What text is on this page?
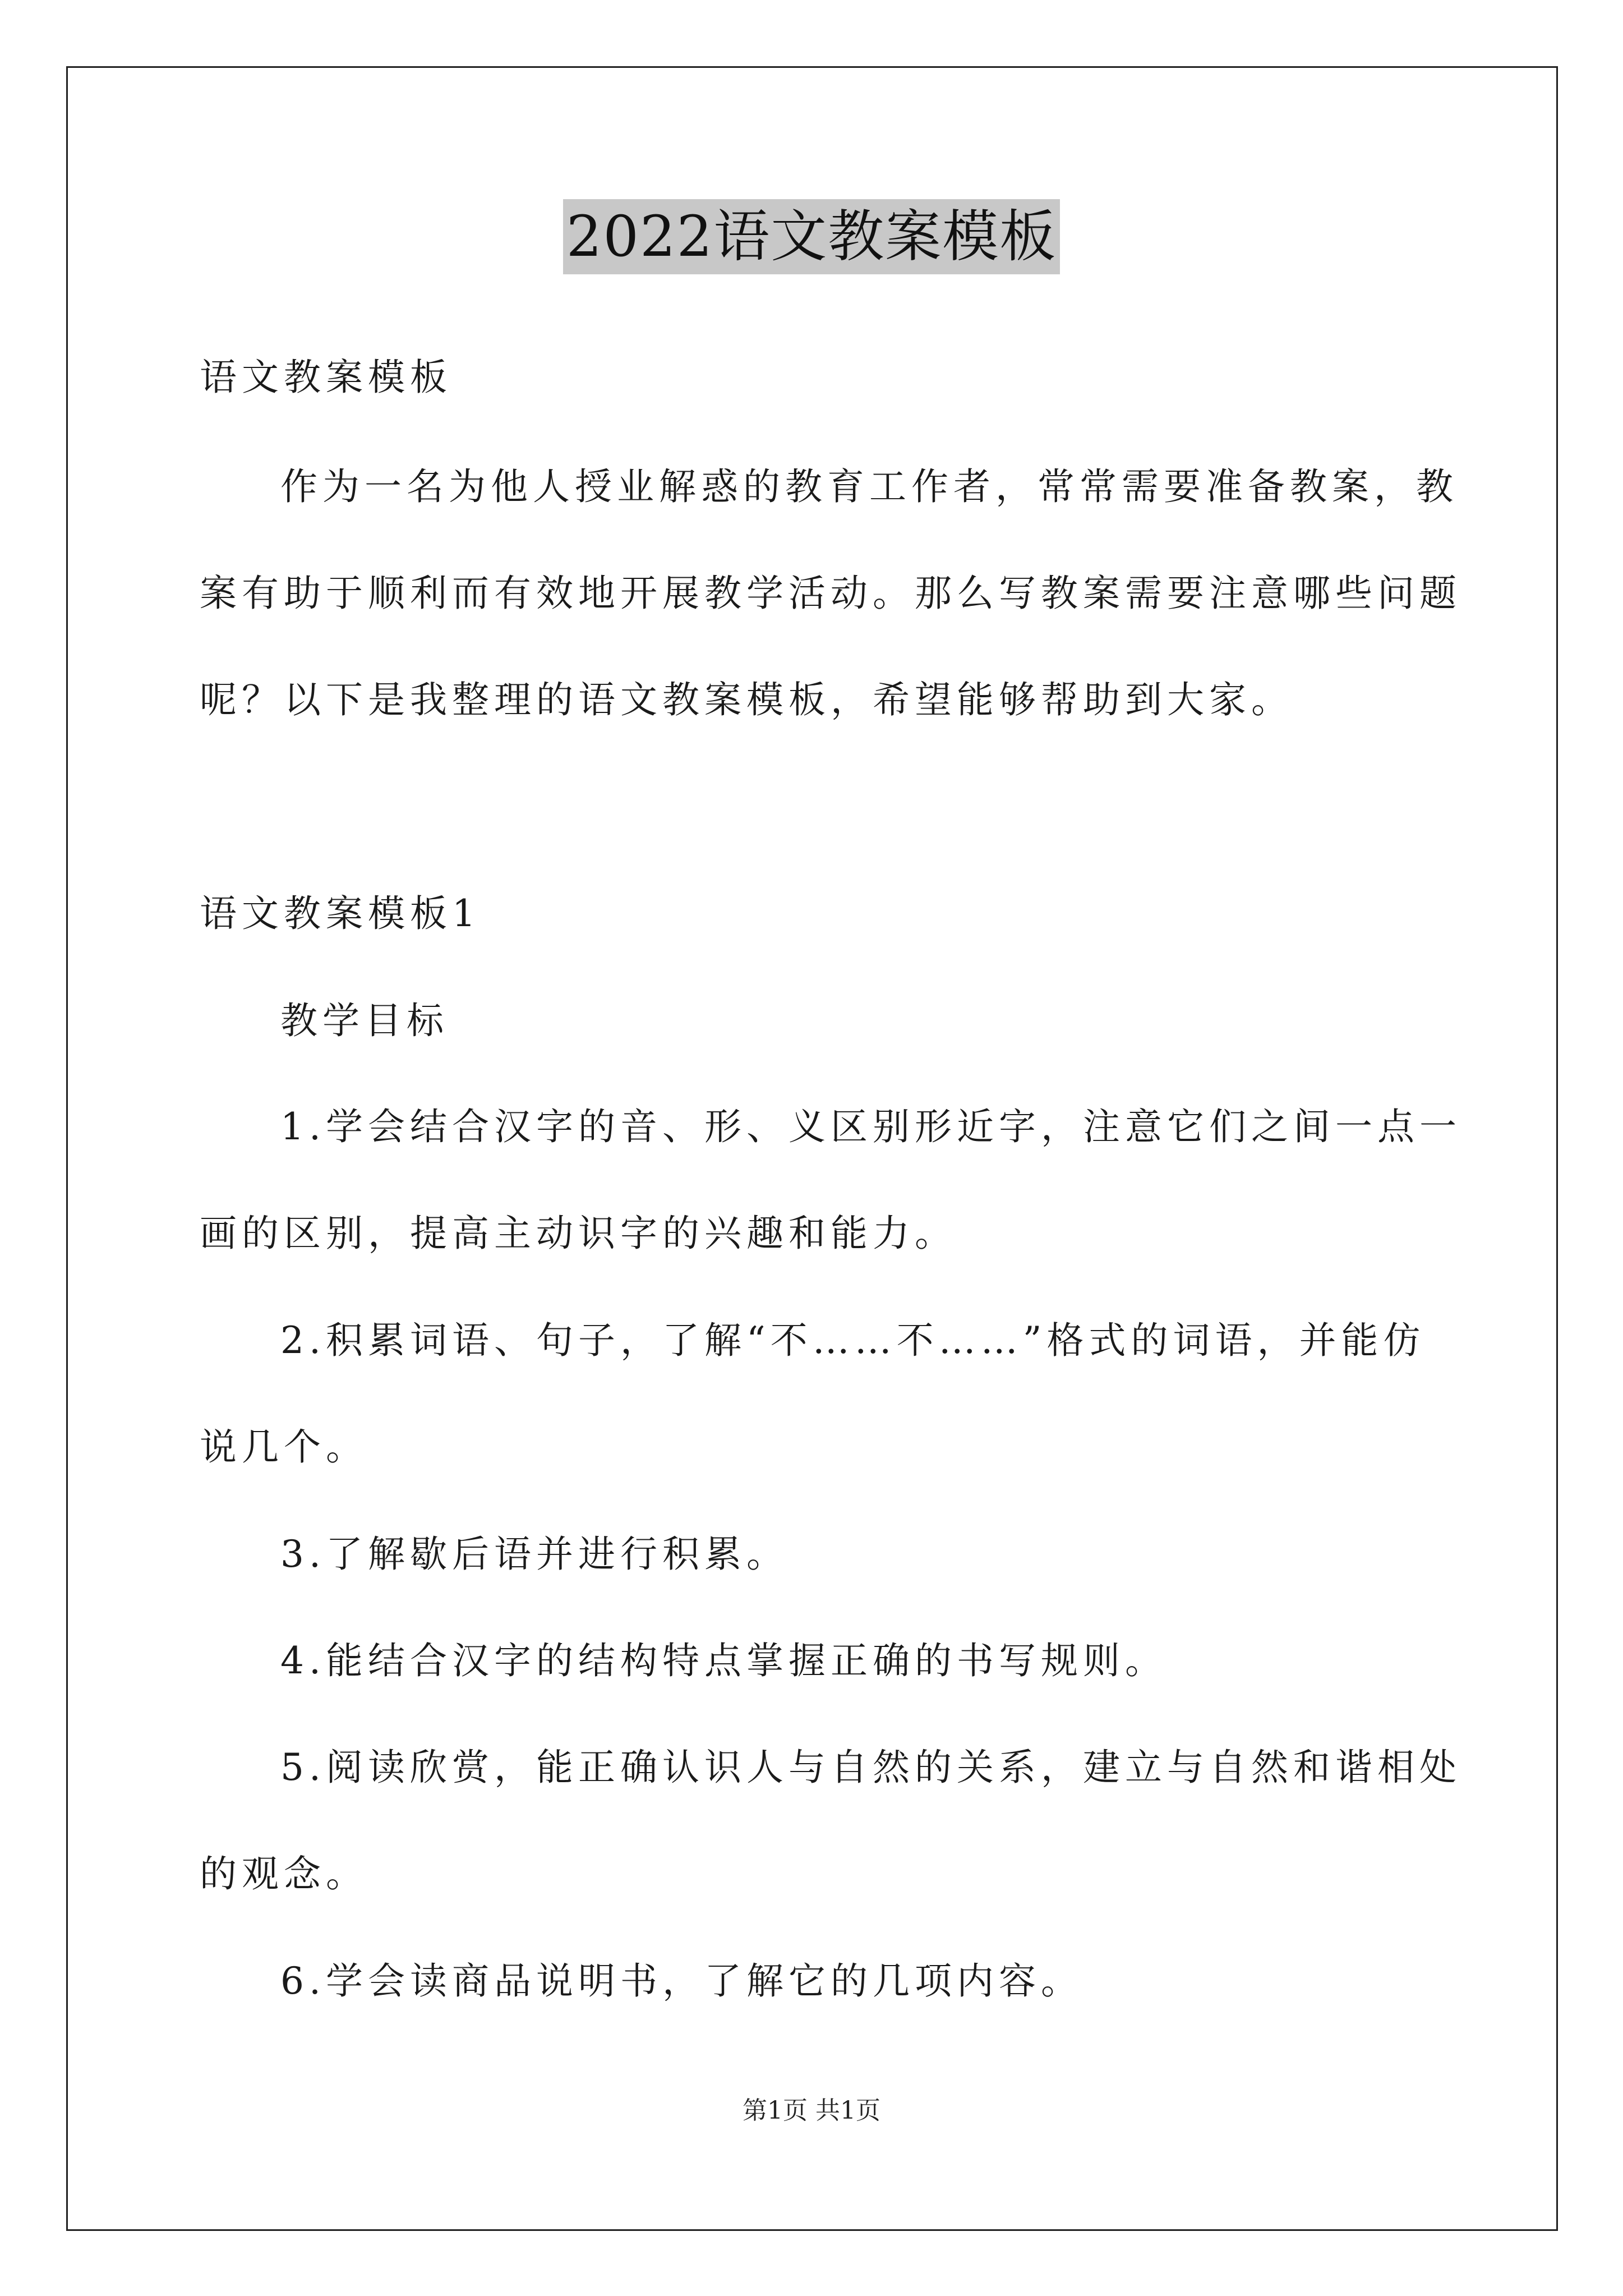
2022语文教案模板
语文教案模板
作为一名为他人授业解惑的教育工作者，常常需要准备教案，教
案有助于顺利而有效地开展教学活动。那么写教案需要注意哪些问题
呢？以下是我整理的语文教案模板，希望能够帮助到大家。
语文教案模板1
教学目标
1.学会结合汉字的音、形、义区别形近字，注意它们之间一点一
画的区别，提高主动识字的兴趣和能力。
2.积累词语、句子，了解“不……不……”格式的词语，并能仿
说几个。
3.了解歇后语并进行积累。
4.能结合汉字的结构特点掌握正确的书写规则。
5.阅读欣赏，能正确认识人与自然的关系，建立与自然和谐相处
的观念。
6.学会读商品说明书，了解它的几项内容。
第1页 共1页
